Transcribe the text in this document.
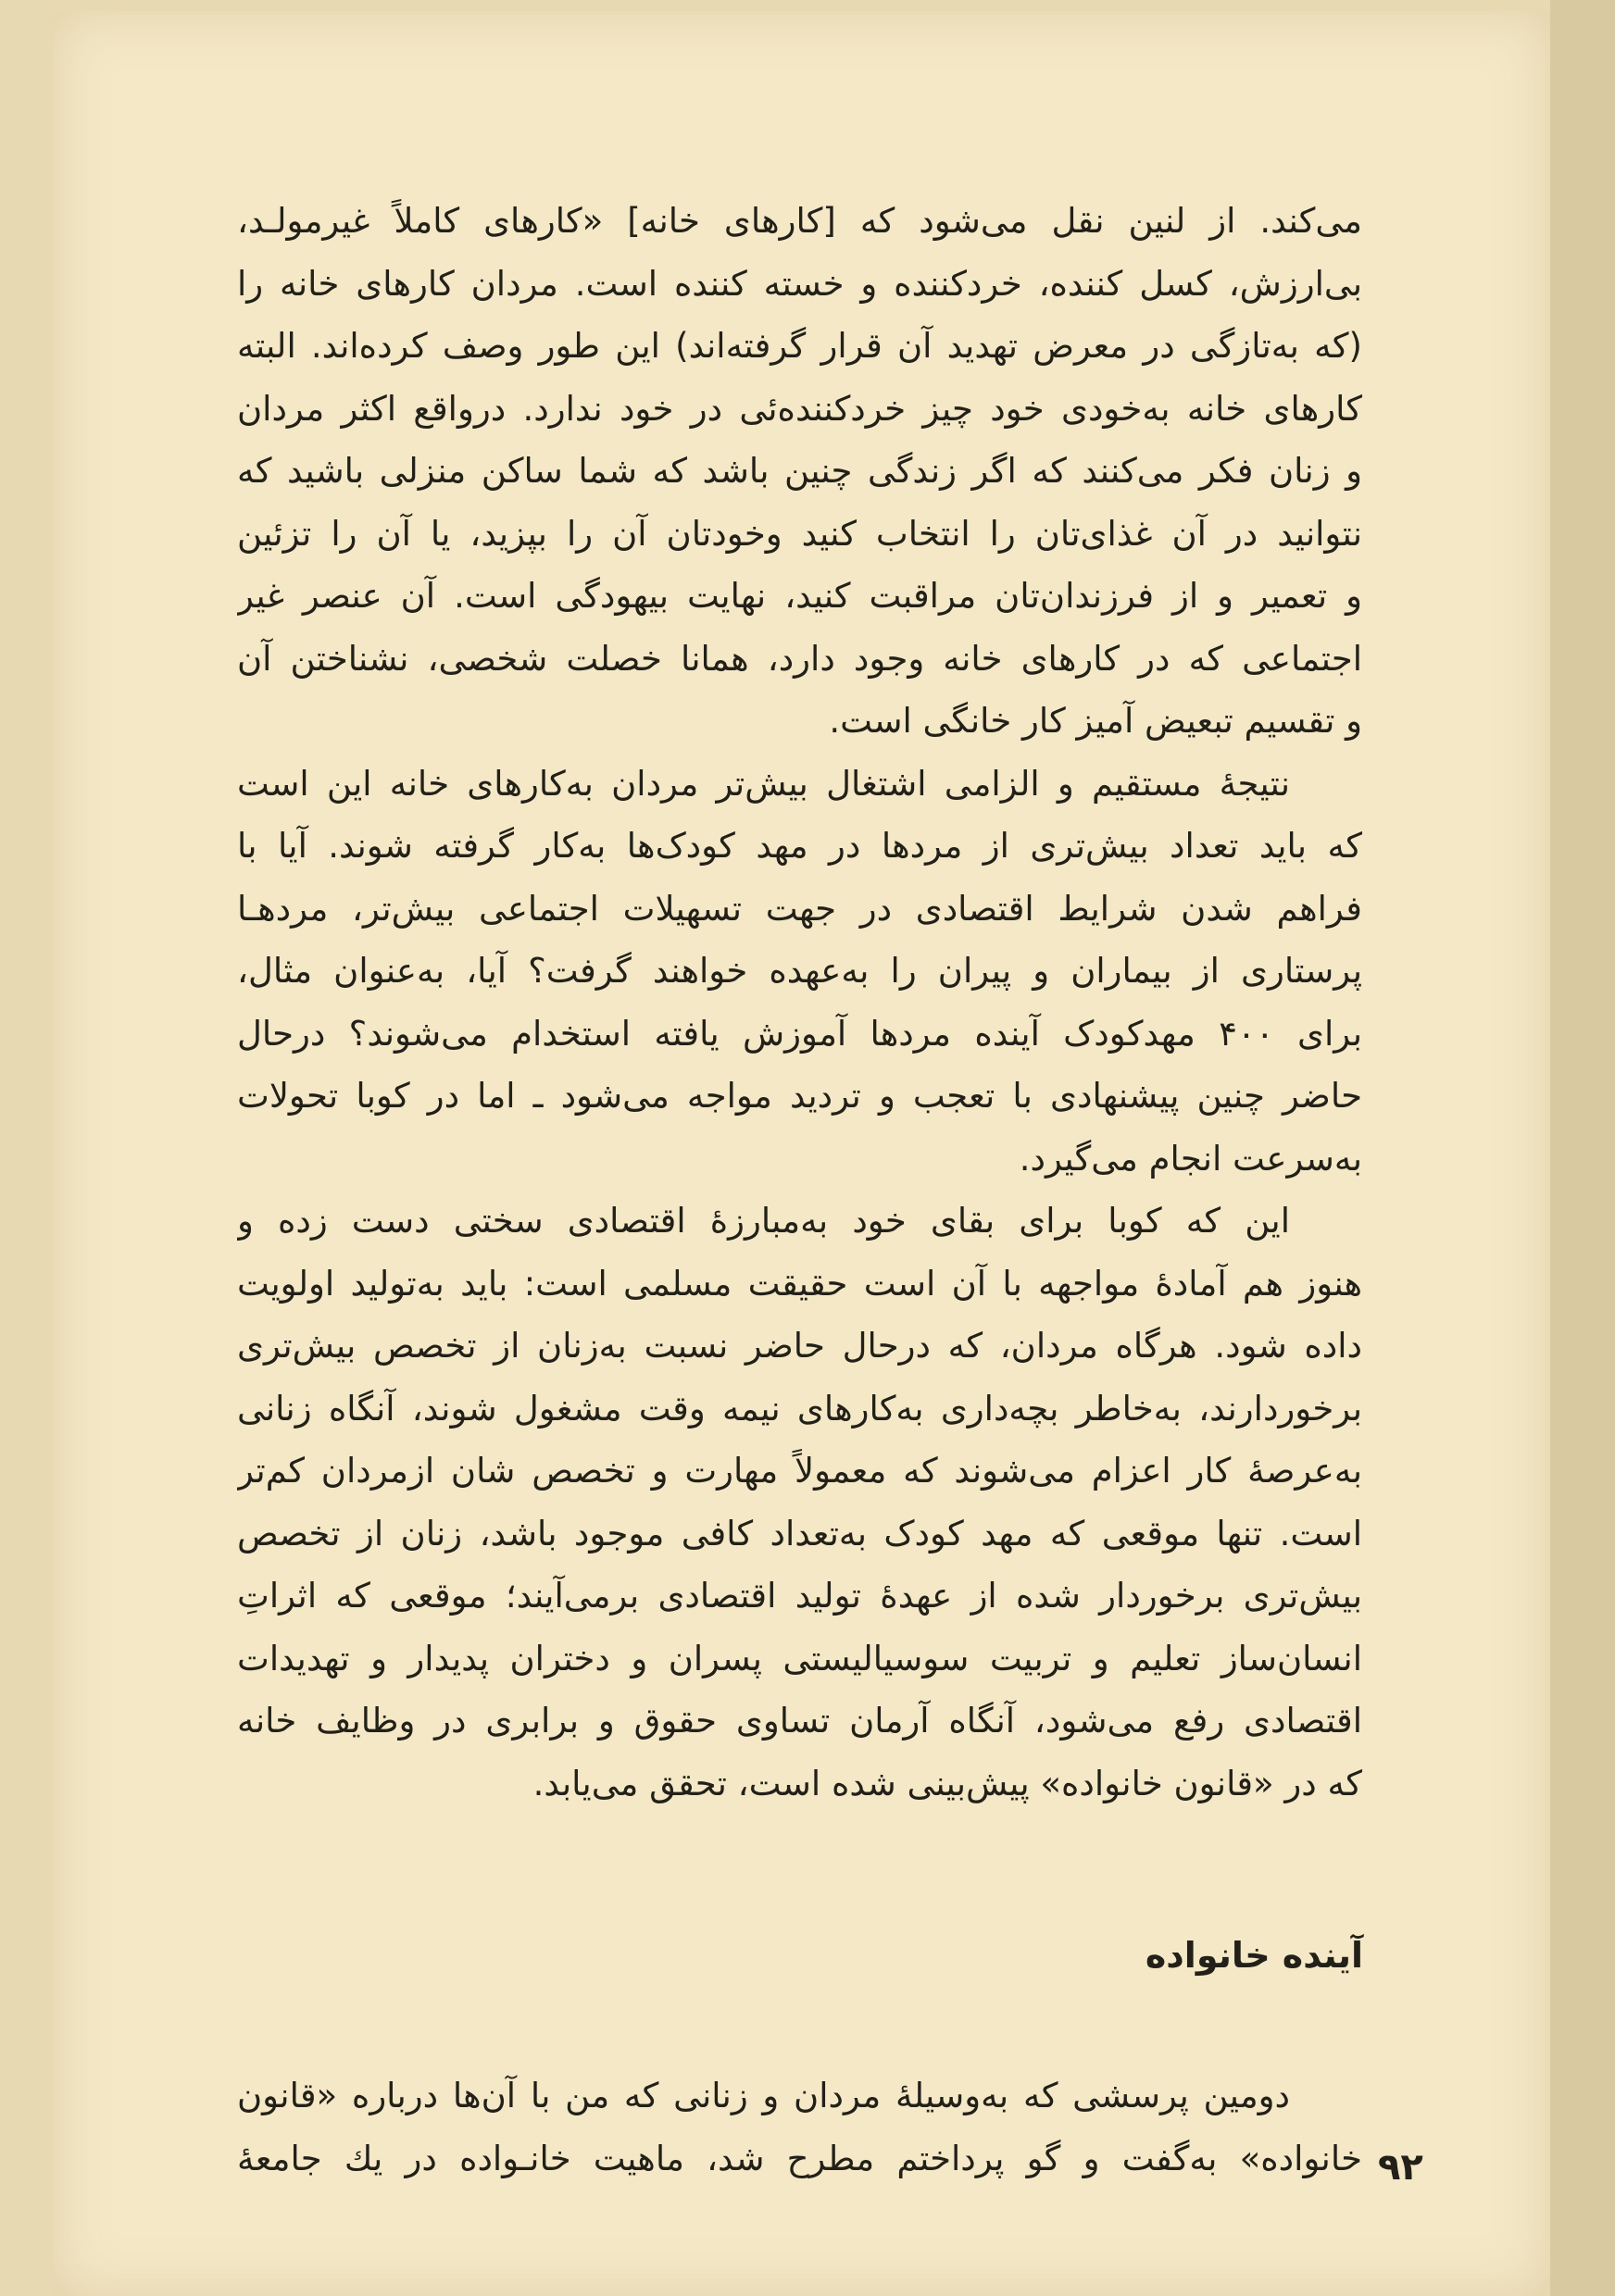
می‌کند. از لنین نقل می‌شود که [کارهای خانه] «کارهای کاملاً غیرمولـد،
بی‌ارزش، کسل کننده، خردکننده و خسته کننده است. مردان کارهای خانه را
(که به‌تازگی در معرض تهدید آن قرار گرفته‌اند) این طور وصف کرده‌اند. البته
کارهای خانه به‌خودی خود چیز خردکننده‌ئی در خود ندارد. درواقع اکثر مردان
و زنان فکر می‌کنند که اگر زندگی چنین باشد که شما ساکن منزلی باشید که
نتوانید در آن غذای‌تان را انتخاب کنید وخودتان آن را بپزید، یا آن را تزئین
و تعمیر و از فرزندان‌تان مراقبت کنید، نهایت بیهودگی است. آن عنصر غیر
اجتماعی که در کارهای خانه وجود دارد، همانا خصلت شخصی، نشناختن آن
و تقسیم تبعیض آمیز کار خانگی است.
نتیجهٔ مستقیم و الزامی اشتغال بیش‌تر مردان به‌کارهای خانه این است
که باید تعداد بیش‌تری از مردها در مهد کودک‌ها به‌کار گرفته شوند. آیا با
فراهم شدن شرایط اقتصادی در جهت تسهیلات اجتماعی بیش‌تر، مردهـا
پرستاری از بیماران و پیران را به‌عهده خواهند گرفت؟ آیا، به‌عنوان مثال،
برای ۴۰۰ مهدکودک آینده مردها آموزش یافته استخدام می‌شوند؟ درحال
حاضر چنین پیشنهادی با تعجب و تردید مواجه می‌شود ـ اما در کوبا تحولات
به‌سرعت انجام می‌گیرد.
این که کوبا برای بقای خود به‌مبارزهٔ اقتصادی سختی دست زده و
هنوز هم آمادهٔ مواجهه با آن است حقیقت مسلمی است: باید به‌تولید اولویت
داده شود. هرگاه مردان، که درحال حاضر نسبت به‌زنان از تخصص بیش‌تری
برخوردارند، به‌خاطر بچه‌داری به‌کارهای نیمه وقت مشغول شوند، آنگاه زنانی
به‌عرصهٔ کار اعزام می‌شوند که معمولاً مهارت و تخصص شان ازمردان کم‌تر
است. تنها موقعی که مهد کودک به‌تعداد کافی موجود باشد، زنان از تخصص
بیش‌تری برخوردار شده از عهدهٔ تولید اقتصادی برمی‌آیند؛ موقعی که اثراتِ
انسان‌ساز تعلیم و تربیت سوسیالیستی پسران و دختران پدیدار و تهدیدات
اقتصادی رفع می‌شود، آنگاه آرمان تساوی حقوق و برابری در وظایف خانه
که در «قانون خانواده» پیش‌بینی شده است، تحقق می‌یابد.
آینده خانواده
دومین پرسشی که به‌وسیلهٔ مردان و زنانی که من با آن‌ها درباره «قانون
خانواده» به‌گفت و گو پرداختم مطرح شد، ماهیت خانـواده در یك جامعهٔ ۹۲
